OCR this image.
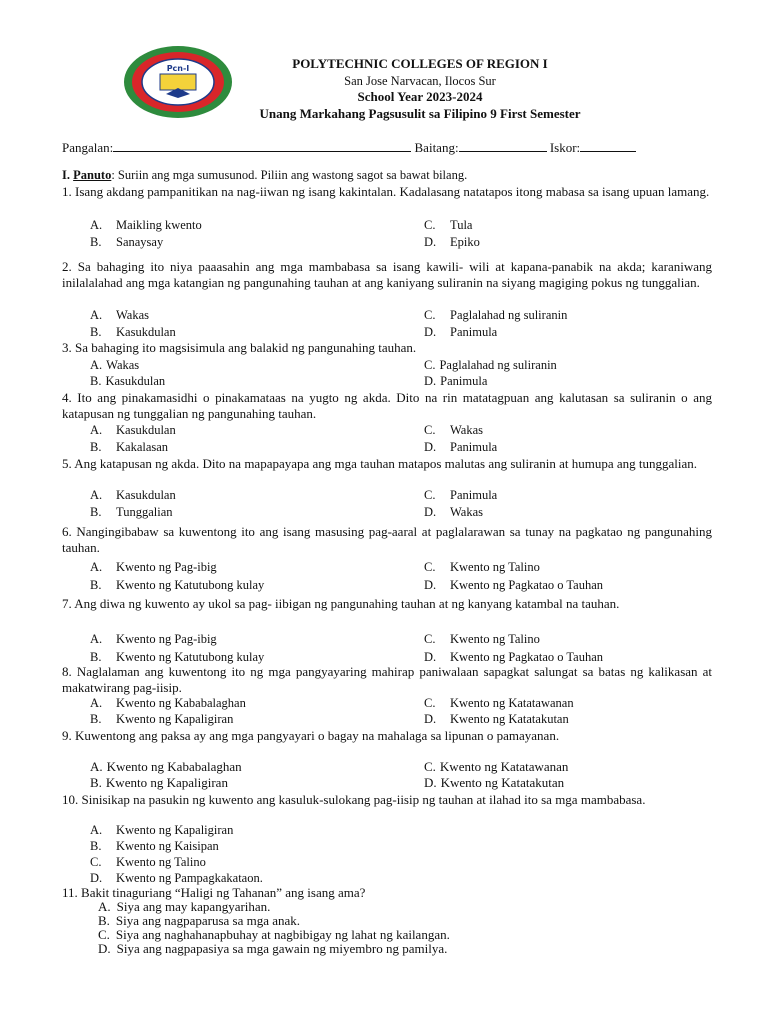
Pcn-I	POLYTECHNIC COLLEGES OF REGION I
San Jose Narvacan, Ilocos Sur
School Year 2023-2024
Unang Markahang Pagsusulit sa Filipino 9 First Semester
Pangalan:	Baitang:	Iskor:
I. Panuto: Suriin ang mga sumusunod. Piliin ang wastong sagot sa bawat bilang.
1. Isang akdang pampanitikan na nag-iiwan ng isang kakintalan. Kadalasang natatapos itong mabasa sa isang upuan lamang.
A. Maikling kwento
B. Sanaysay
C. Tula
D. Epiko
2. Sa bahaging ito niya paaasahin ang mga mambabasa sa isang kawili- wili at kapana-panabik na akda; karaniwang inilalalahad ang mga katangian ng pangunahing tauhan at ang kaniyang suliranin na siyang magiging pokus ng tunggalian.
A. Wakas
B. Kasukdulan
C. Paglalahad ng suliranin
D. Panimula
3. Sa bahaging ito magsisimula ang balakid ng pangunahing tauhan.
A. Wakas
B. Kasukdulan
C. Paglalahad ng suliranin
D. Panimula
4. Ito ang pinakamasidhi o pinakamataas na yugto ng akda. Dito na rin matatagpuan ang kalutasan sa suliranin o ang katapusan ng tunggalian ng pangunahing tauhan.
A. Kasukdulan
B. Kakalasan
C. Wakas
D. Panimula
5. Ang katapusan ng akda. Dito na mapapayapa ang mga tauhan matapos malutas ang suliranin at humupa ang tunggalian.
A. Kasukdulan
B. Tunggalian
C. Panimula
D. Wakas
6. Nangingibabaw sa kuwentong ito ang isang masusing pag-aaral at paglalarawan sa tunay na pagkatao ng pangunahing tauhan.
A. Kwento ng Pag-ibig
B. Kwento ng Katutubong kulay
C. Kwento ng Talino
D. Kwento ng Pagkatao o Tauhan
7. Ang diwa ng kuwento ay ukol sa pag- iibigan ng pangunahing tauhan at ng kanyang katambal na tauhan.
A. Kwento ng Pag-ibig
B. Kwento ng Katutubong kulay
C. Kwento ng Talino
D. Kwento ng Pagkatao o Tauhan
8. Naglalaman ang kuwentong ito ng mga pangyayaring mahirap paniwalaan sapagkat salungat sa batas ng kalikasan at makatwirang pag-iisip.
A. Kwento ng Kababalaghan
B. Kwento ng Kapaligiran
C. Kwento ng Katatawanan
D. Kwento ng Katatakutan
9. Kuwentong ang paksa ay ang mga pangyayari o bagay na mahalaga sa lipunan o pamayanan.
A. Kwento ng Kababalaghan
B. Kwento ng Kapaligiran
C. Kwento ng Katatawanan
D. Kwento ng Katatakutan
10. Sinisikap na pasukin ng kuwento ang kasuluk-sulokang pag-iisip ng tauhan at ilahad ito sa mga mambabasa.
A. Kwento ng Kapaligiran
B. Kwento ng Kaisipan
C. Kwento ng Talino
D. Kwento ng Pampagkakataon.
11. Bakit tinaguriang “Haligi ng Tahanan” ang isang ama?
A. Siya ang may kapangyarihan.
B. Siya ang nagpaparusa sa mga anak.
C. Siya ang naghahanapbuhay at nagbibigay ng lahat ng kailangan.
D. Siya ang nagpapasiya sa mga gawain ng miyembro ng pamilya.
